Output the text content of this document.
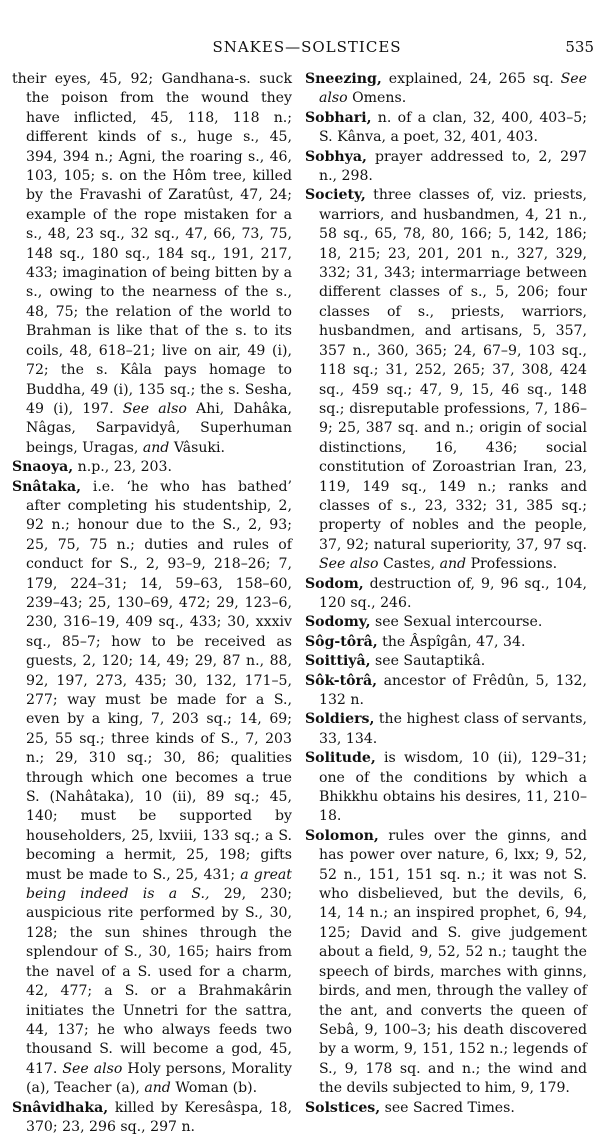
SNAKES—SOLSTICES	535

their eyes, 45, 92; Gandhana-s. suck the poison from the wound they have inflicted, 45, 118, 118 n.; different kinds of s., huge s., 45, 394, 394 n.; Agni, the roaring s., 46, 103, 105; s. on the Hôm tree, killed by the Fravashi of Zaratûst, 47, 24; example of the rope mistaken for a s., 48, 23 sq., 32 sq., 47, 66, 73, 75, 148 sq., 180 sq., 184 sq., 191, 217, 433; imagination of being bitten by a s., owing to the nearness of the s., 48, 75; the relation of the world to Brahman is like that of the s. to its coils, 48, 618–21; live on air, 49 (i), 72; the s. Kâla pays homage to Buddha, 49 (i), 135 sq.; the s. Sesha, 49 (i), 197. See also Ahi, Dahâka, Nâgas, Sarpavidyâ, Superhuman beings, Uragas, and Vâsuki.

Snaoya, n.p., 23, 203.

Snâtaka, i.e. ‘he who has bathed’ after completing his studentship, 2, 92 n.; honour due to the S., 2, 93; 25, 75, 75 n.; duties and rules of conduct for S., 2, 93–9, 218–26; 7, 179, 224–31; 14, 59–63, 158–60, 239–43; 25, 130–69, 472; 29, 123–6, 230, 316–19, 409 sq., 433; 30, xxxiv sq., 85–7; how to be received as guests, 2, 120; 14, 49; 29, 87 n., 88, 92, 197, 273, 435; 30, 132, 171–5, 277; way must be made for a S., even by a king, 7, 203 sq.; 14, 69; 25, 55 sq.; three kinds of S., 7, 203 n.; 29, 310 sq.; 30, 86; qualities through which one becomes a true S. (Nahâtaka), 10 (ii), 89 sq.; 45, 140; must be supported by householders, 25, lxviii, 133 sq.; a S. becoming a hermit, 25, 198; gifts must be made to S., 25, 431; a great being indeed is a S., 29, 230; auspicious rite performed by S., 30, 128; the sun shines through the splendour of S., 30, 165; hairs from the navel of a S. used for a charm, 42, 477; a S. or a Brahmakârin initiates the Unnetri for the sattra, 44, 137; he who always feeds two thousand S. will become a god, 45, 417. See also Holy persons, Morality (a), Teacher (a), and Woman (b).

Snâvidhaka, killed by Keresâspa, 18, 370; 23, 296 sq., 297 n.

Sneezing, explained, 24, 265 sq. See also Omens.

Sobhari, n. of a clan, 32, 400, 403–5; S. Kânva, a poet, 32, 401, 403.

Sobhya, prayer addressed to, 2, 297 n., 298.

Society, three classes of, viz. priests, warriors, and husbandmen, 4, 21 n., 58 sq., 65, 78, 80, 166; 5, 142, 186; 18, 215; 23, 201, 201 n., 327, 329, 332; 31, 343; intermarriage between different classes of s., 5, 206; four classes of s., priests, warriors, husbandmen, and artisans, 5, 357, 357 n., 360, 365; 24, 67–9, 103 sq., 118 sq.; 31, 252, 265; 37, 308, 424 sq., 459 sq.; 47, 9, 15, 46 sq., 148 sq.; disreputable professions, 7, 186–9; 25, 387 sq. and n.; origin of social distinctions, 16, 436; social constitution of Zoroastrian Iran, 23, 119, 149 sq., 149 n.; ranks and classes of s., 23, 332; 31, 385 sq.; property of nobles and the people, 37, 92; natural superiority, 37, 97 sq. See also Castes, and Professions.

Sodom, destruction of, 9, 96 sq., 104, 120 sq., 246.

Sodomy, see Sexual intercourse.

Sôg-tôrâ, the Âspîgân, 47, 34.

Soittiyâ, see Sautaptikâ.

Sôk-tôrâ, ancestor of Frêdûn, 5, 132, 132 n.

Soldiers, the highest class of servants, 33, 134.

Solitude, is wisdom, 10 (ii), 129–31; one of the conditions by which a Bhikkhu obtains his desires, 11, 210–18.

Solomon, rules over the ginns, and has power over nature, 6, lxx; 9, 52, 52 n., 151, 151 sq. n.; it was not S. who disbelieved, but the devils, 6, 14, 14 n.; an inspired prophet, 6, 94, 125; David and S. give judgement about a field, 9, 52, 52 n.; taught the speech of birds, marches with ginns, birds, and men, through the valley of the ant, and converts the queen of Sebâ, 9, 100–3; his death discovered by a worm, 9, 151, 152 n.; legends of S., 9, 178 sq. and n.; the wind and the devils subjected to him, 9, 179.

Solstices, see Sacred Times.
